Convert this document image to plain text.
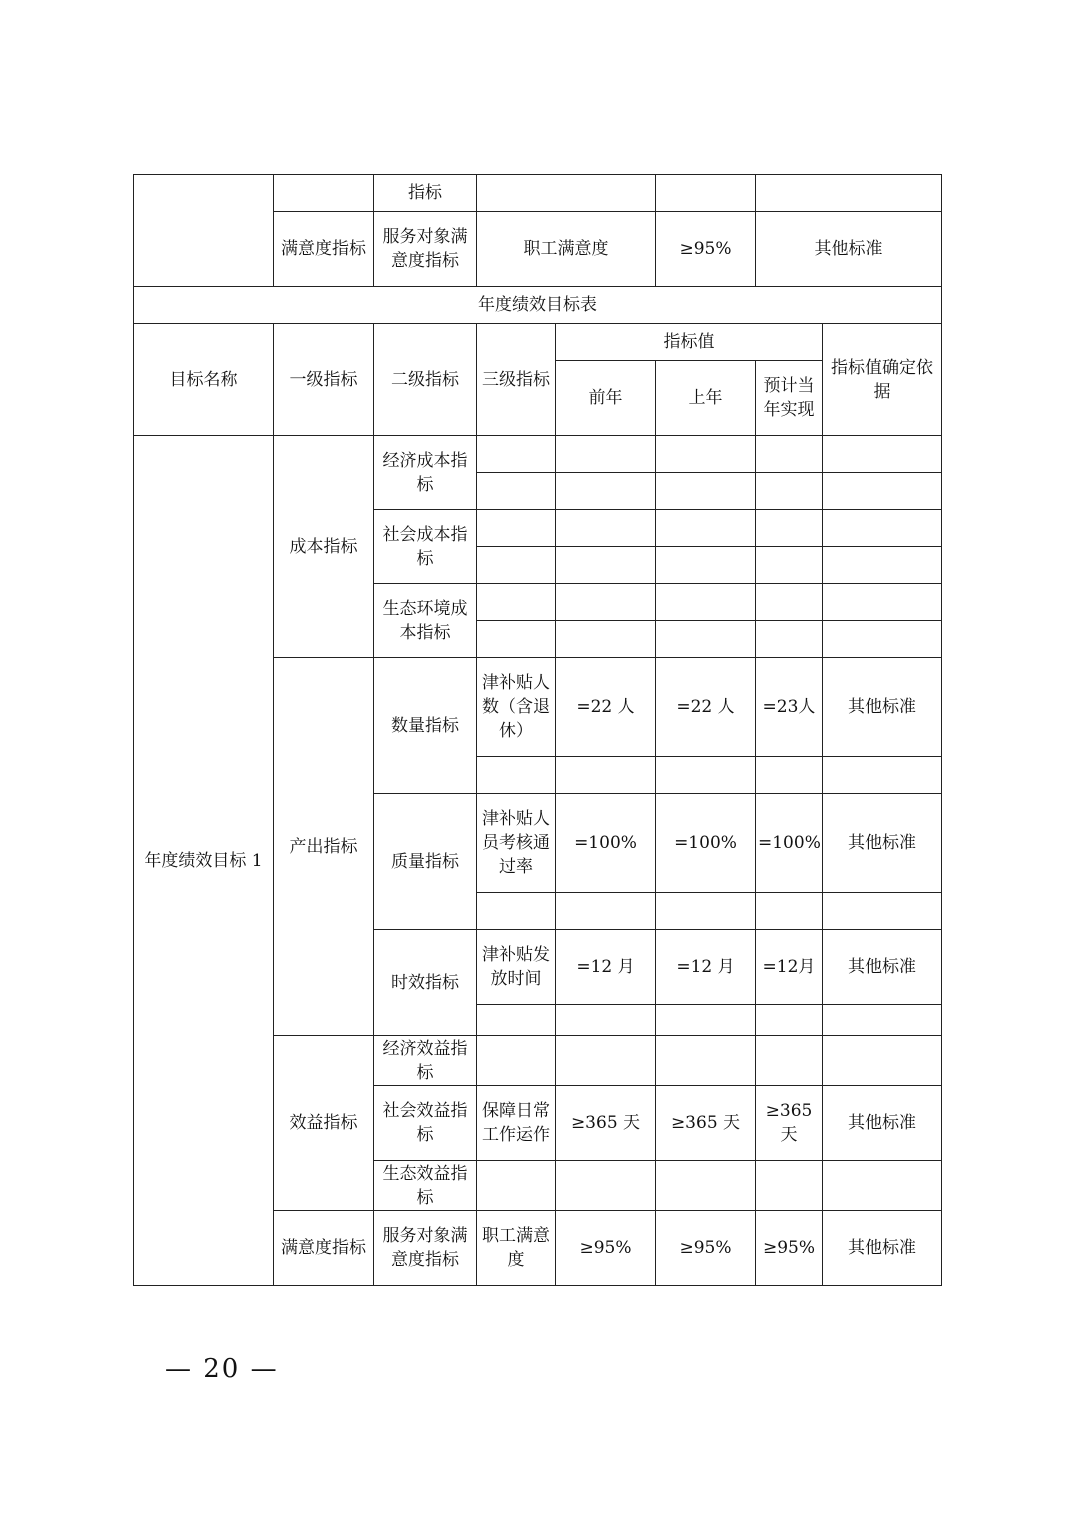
		指标			
	满意度指标	服务对象满意度指标	职工满意度	≥95%	其他标准
年度绩效目标表							
目标名称	一级指标	二级指标	三级指标	指标值			指标值确定依据
				前年	上年	预计当年实现	
年度绩效目标 1	成本指标	经济成本指标					

		社会成本指标					

		生态环境成本指标					

	产出指标	数量指标	津补贴人数（含退休）	=22 人	=22 人	=23人	其他标准

		质量指标	津补贴人员考核通过率	=100%	=100%	=100%	其他标准

		时效指标	津补贴发放时间	=12 月	=12 月	=12月	其他标准

	效益指标	经济效益指标					
		社会效益指标	保障日常工作运作	≥365 天	≥365 天	≥365天	其他标准
		生态效益指标					
	满意度指标	服务对象满意度指标	职工满意度	≥95%	≥95%	≥95%	其他标准
— 20 —
